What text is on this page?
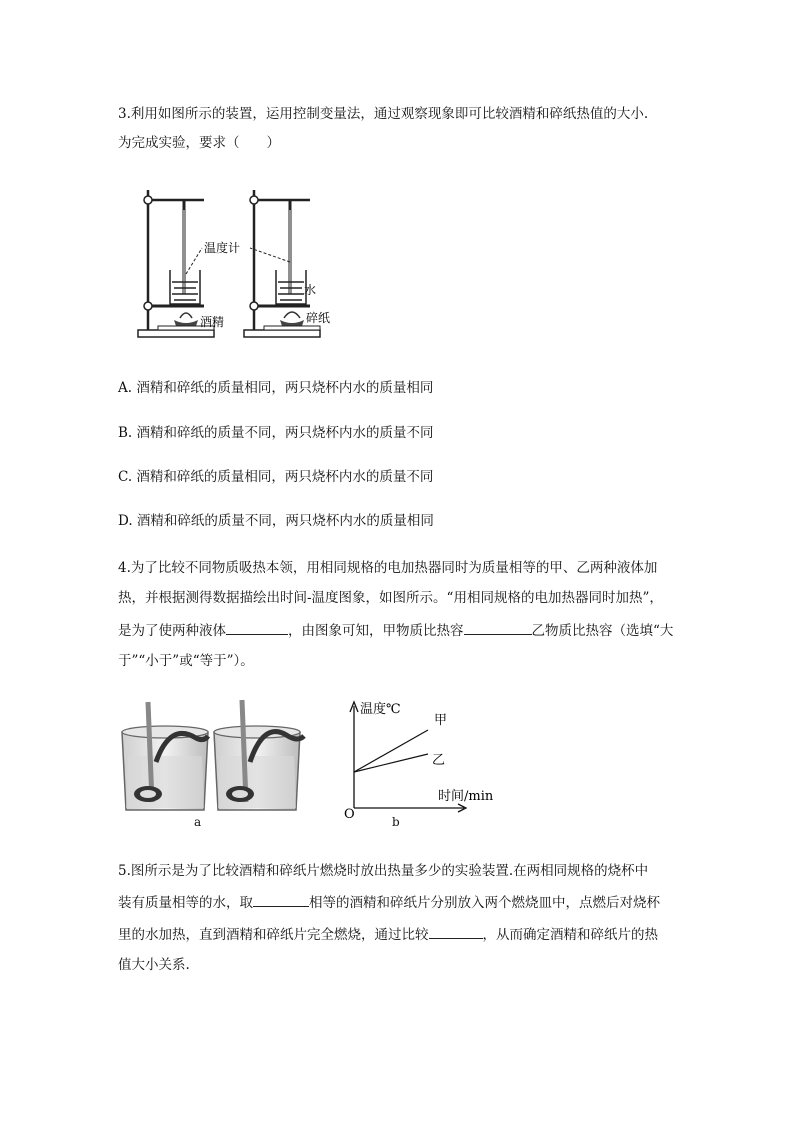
3.利用如图所示的装置，运用控制变量法，通过观察现象即可比较酒精和碎纸热值的大小.
为完成实验，要求（　　）
温度计
水
酒精	碎纸
A. 酒精和碎纸的质量相同，两只烧杯内水的质量相同
B. 酒精和碎纸的质量不同，两只烧杯内水的质量不同
C. 酒精和碎纸的质量相同，两只烧杯内水的质量不同
D. 酒精和碎纸的质量不同，两只烧杯内水的质量相同
4.为了比较不同物质吸热本领，用相同规格的电加热器同时为质量相等的甲、乙两种液体加
热，并根据测得数据描绘出时间-温度图象，如图所示。“用相同规格的电加热器同时加热”，
是为了使两种液体	，由图象可知，甲物质比热容	乙物质比热容（选填“大
于”“小于”或“等于”）。
a
温度℃
甲
乙
时间/min
O	b
5.图所示是为了比较酒精和碎纸片燃烧时放出热量多少的实验装置.在两相同规格的烧杯中
装有质量相等的水，取	相等的酒精和碎纸片分别放入两个燃烧皿中，点燃后对烧杯
里的水加热，直到酒精和碎纸片完全燃烧，通过比较	，从而确定酒精和碎纸片的热
值大小关系.
